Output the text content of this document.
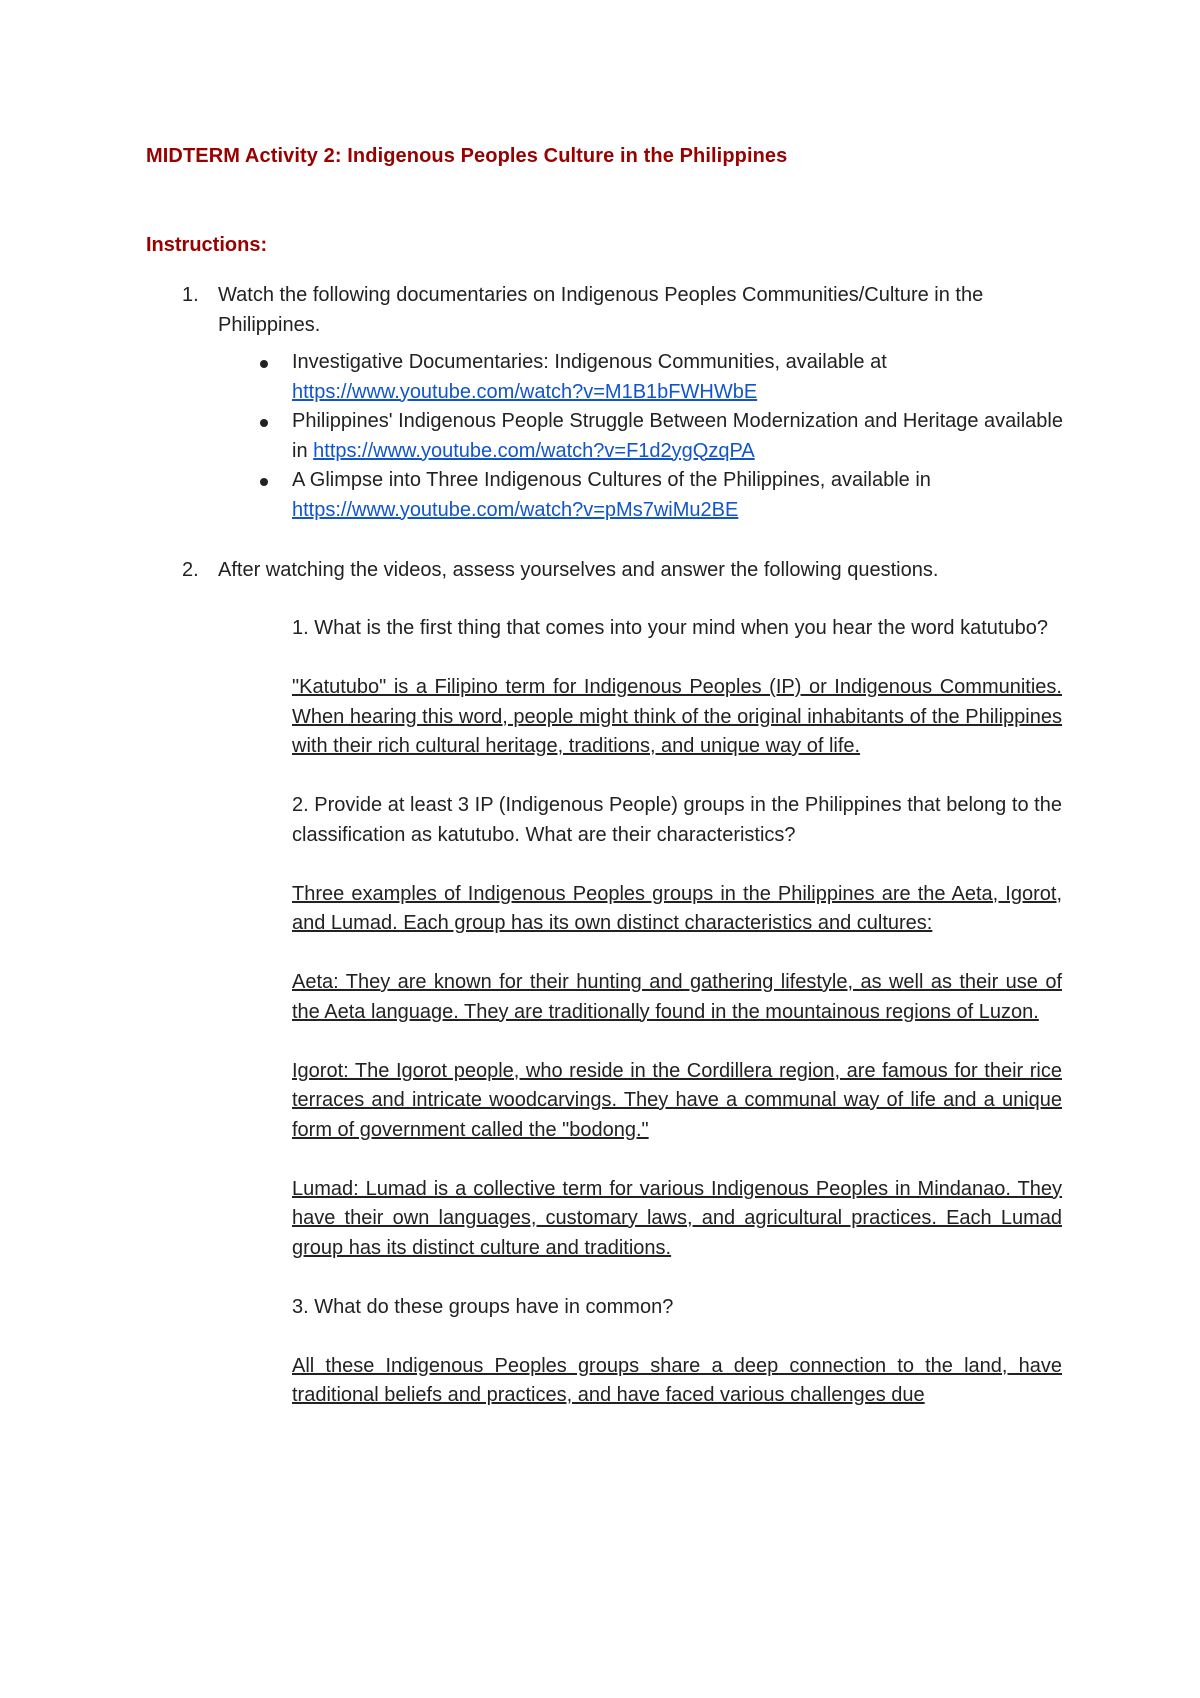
MIDTERM Activity 2: Indigenous Peoples Culture in the Philippines
Instructions:
1. Watch the following documentaries on Indigenous Peoples Communities/Culture in the Philippines.
Investigative Documentaries: Indigenous Communities, available at
https://www.youtube.com/watch?v=M1B1bFWHWbE
Philippines' Indigenous People Struggle Between Modernization and Heritage available in https://www.youtube.com/watch?v=F1d2ygQzqPA
A Glimpse into Three Indigenous Cultures of the Philippines, available in
https://www.youtube.com/watch?v=pMs7wiMu2BE
2. After watching the videos, assess yourselves and answer the following questions.

1. What is the first thing that comes into your mind when you hear the word katutubo?

"Katutubo" is a Filipino term for Indigenous Peoples (IP) or Indigenous Communities. When hearing this word, people might think of the original inhabitants of the Philippines with their rich cultural heritage, traditions, and unique way of life.

2. Provide at least 3 IP (Indigenous People) groups in the Philippines that belong to the classification as katutubo. What are their characteristics?

Three examples of Indigenous Peoples groups in the Philippines are the Aeta, Igorot, and Lumad. Each group has its own distinct characteristics and cultures:

Aeta: They are known for their hunting and gathering lifestyle, as well as their use of the Aeta language. They are traditionally found in the mountainous regions of Luzon.

Igorot: The Igorot people, who reside in the Cordillera region, are famous for their rice terraces and intricate woodcarvings. They have a communal way of life and a unique form of government called the "bodong."

Lumad: Lumad is a collective term for various Indigenous Peoples in Mindanao. They have their own languages, customary laws, and agricultural practices. Each Lumad group has its distinct culture and traditions.

3. What do these groups have in common?

All these Indigenous Peoples groups share a deep connection to the land, have traditional beliefs and practices, and have faced various challenges due
